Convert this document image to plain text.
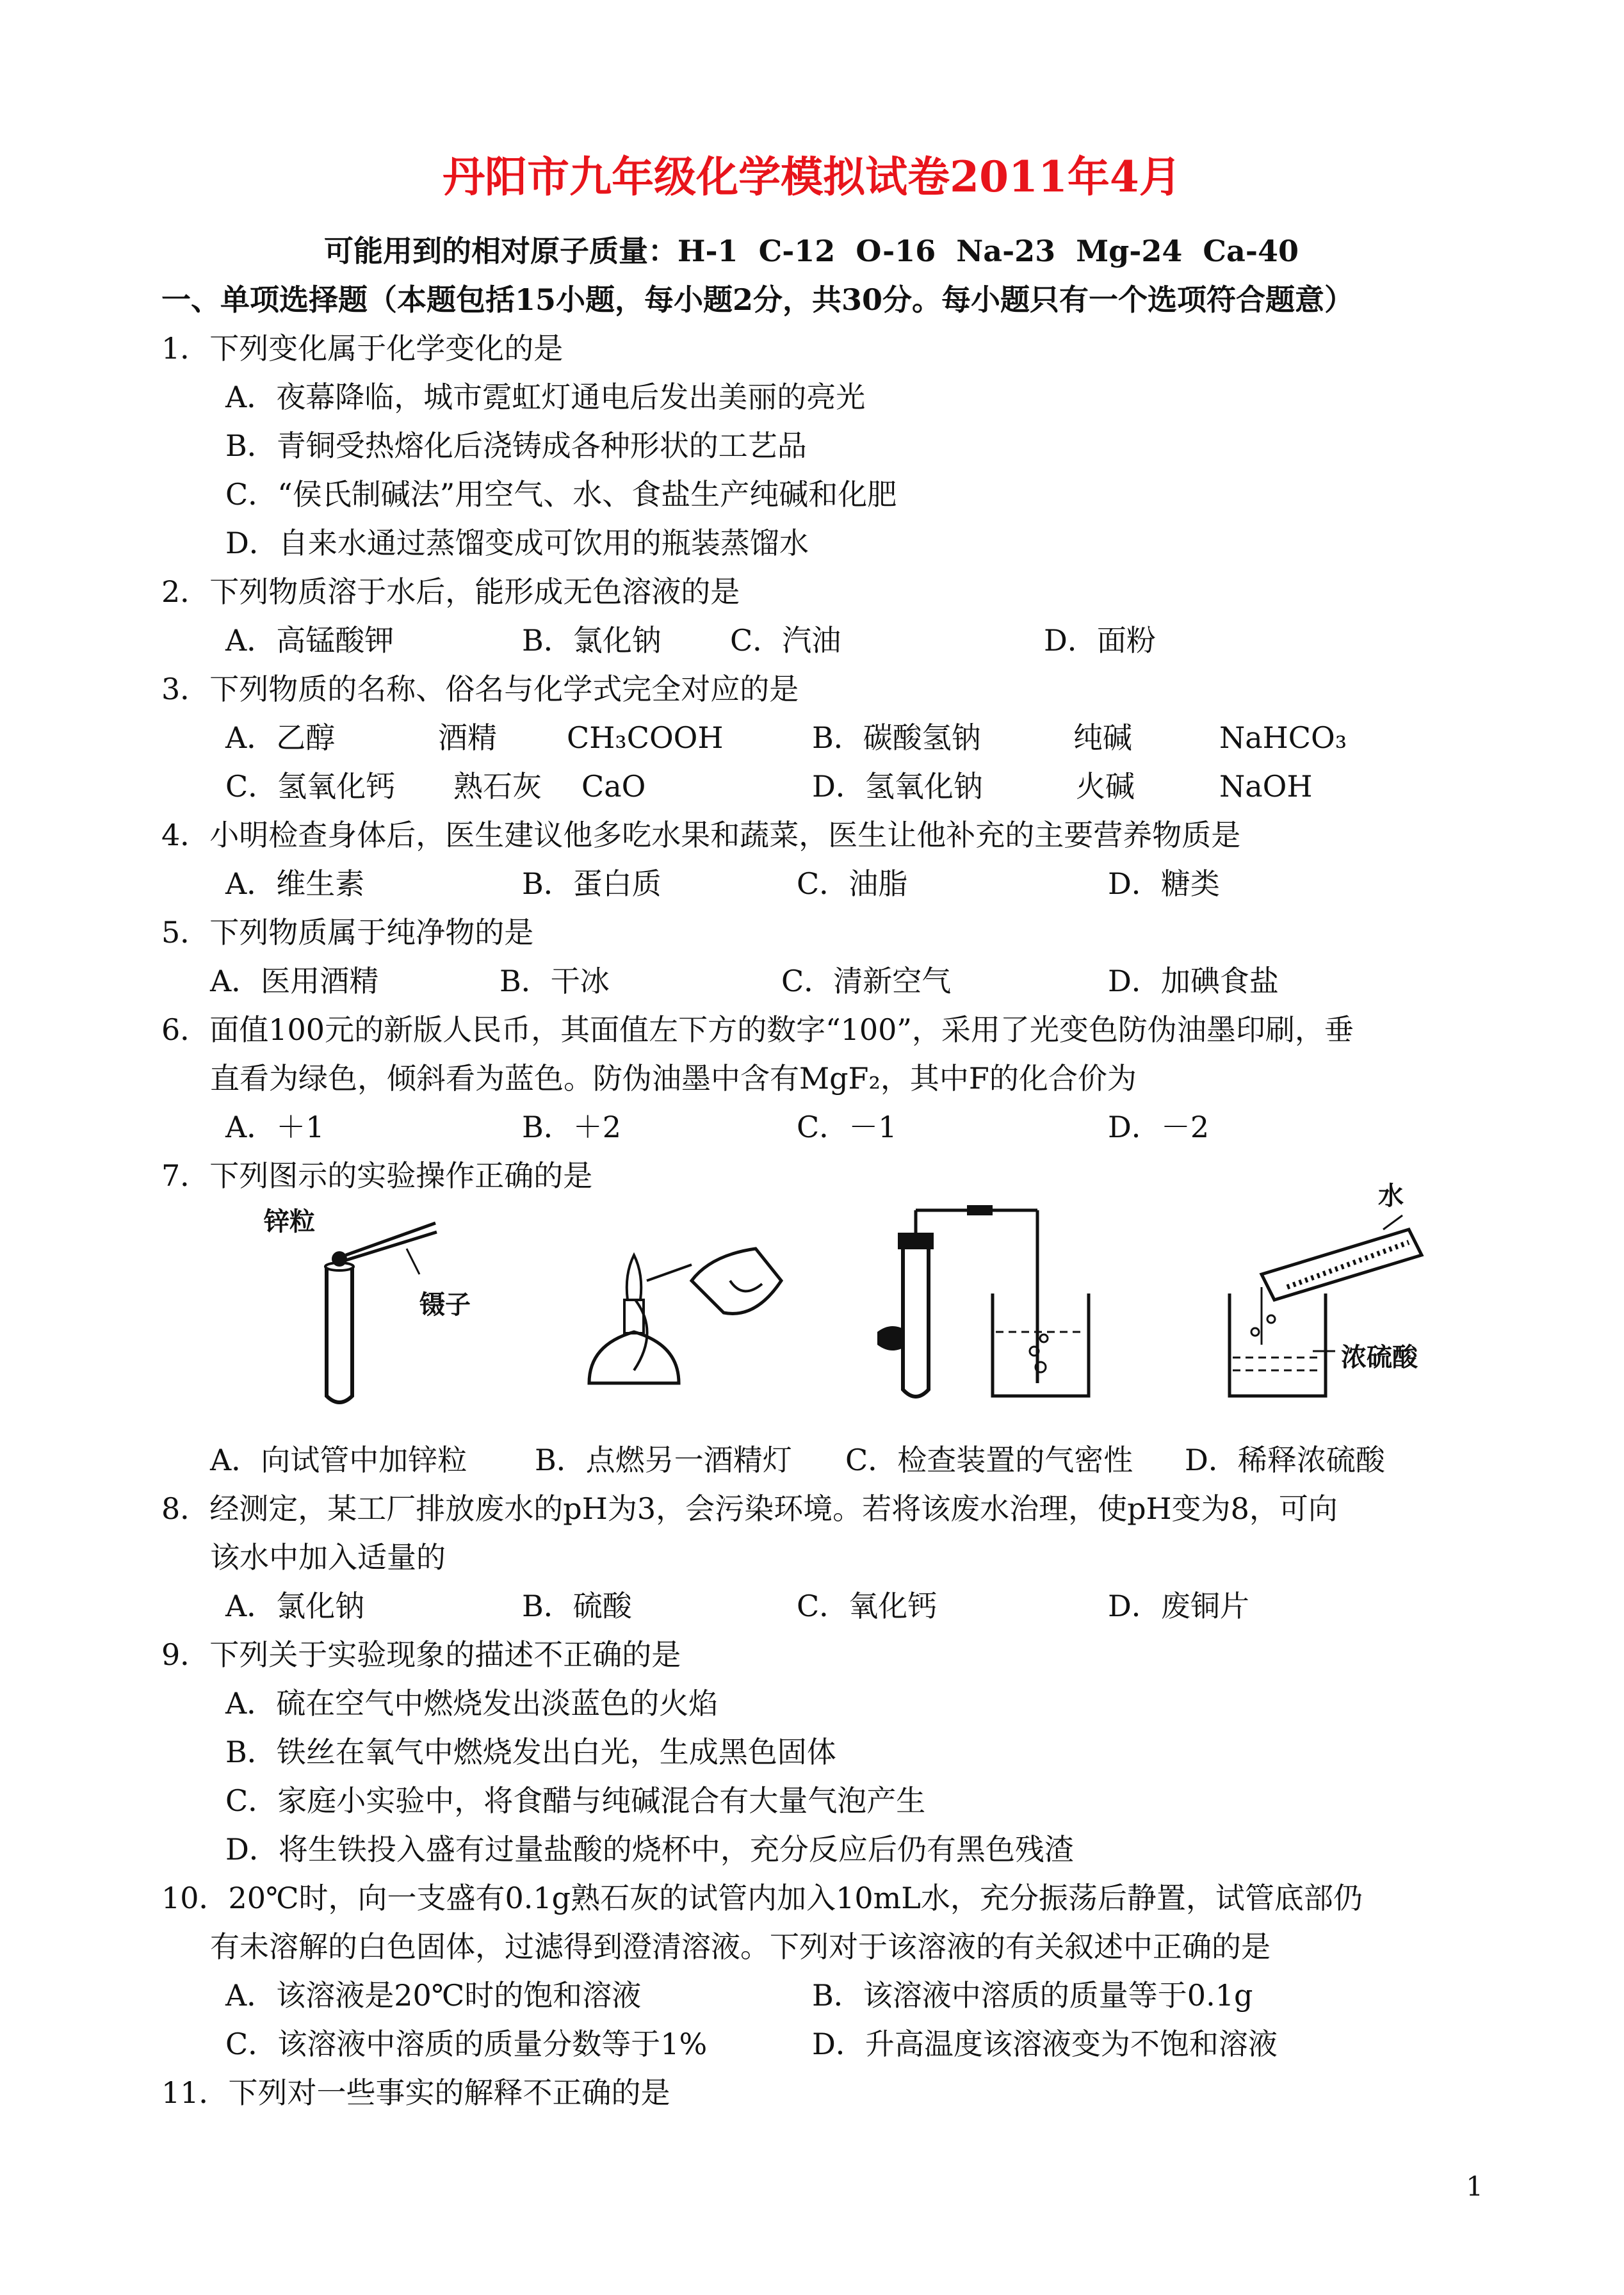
丹阳市九年级化学模拟试卷2011年4月
可能用到的相对原子质量：H-1  C-12  O-16  Na-23  Mg-24  Ca-40
一、单项选择题（本题包括15小题，每小题2分，共30分。每小题只有一个选项符合题意）
1．下列变化属于化学变化的是
A．夜幕降临，城市霓虹灯通电后发出美丽的亮光
B．青铜受热熔化后浇铸成各种形状的工艺品
C．“侯氏制碱法”用空气、水、食盐生产纯碱和化肥
D．自来水通过蒸馏变成可饮用的瓶装蒸馏水
2．下列物质溶于水后，能形成无色溶液的是
A．高锰酸钾	B．氯化钠 C．汽油	D．面粉
3．下列物质的名称、俗名与化学式完全对应的是
A．乙醇	酒精 CH₃COOH	B．碳酸氢钠	纯碱	NaHCO₃
C．氢氧化钙 熟石灰 CaO	D．氢氧化钠	火碱	NaOH
4．小明检查身体后，医生建议他多吃水果和蔬菜，医生让他补充的主要营养物质是
A．维生素	B．蛋白质	C．油脂	D．糖类
5．下列物质属于纯净物的是
A．医用酒精	B．干冰	C．清新空气	D．加碘食盐
6．面值100元的新版人民币，其面值左下方的数字“100”，采用了光变色防伪油墨印刷，垂
直看为绿色，倾斜看为蓝色。防伪油墨中含有MgF₂，其中F的化合价为
A．＋1	B．＋2	C．－1	D．－2
7．下列图示的实验操作正确的是
锌粒
镊子
水
浓硫酸
A．向试管中加锌粒 B．点燃另一酒精灯 C．检查装置的气密性 D．稀释浓硫酸
8．经测定，某工厂排放废水的pH为3，会污染环境。若将该废水治理，使pH变为8，可向
该水中加入适量的
A．氯化钠	B．硫酸	C．氧化钙	D．废铜片
9．下列关于实验现象的描述不正确的是
A．硫在空气中燃烧发出淡蓝色的火焰
B．铁丝在氧气中燃烧发出白光，生成黑色固体
C．家庭小实验中，将食醋与纯碱混合有大量气泡产生
D．将生铁投入盛有过量盐酸的烧杯中，充分反应后仍有黑色残渣
10．20℃时，向一支盛有0.1g熟石灰的试管内加入10mL水，充分振荡后静置，试管底部仍
有未溶解的白色固体，过滤得到澄清溶液。下列对于该溶液的有关叙述中正确的是
A．该溶液是20℃时的饱和溶液	B．该溶液中溶质的质量等于0.1g
C．该溶液中溶质的质量分数等于1%	D．升高温度该溶液变为不饱和溶液
11．下列对一些事实的解释不正确的是
1
